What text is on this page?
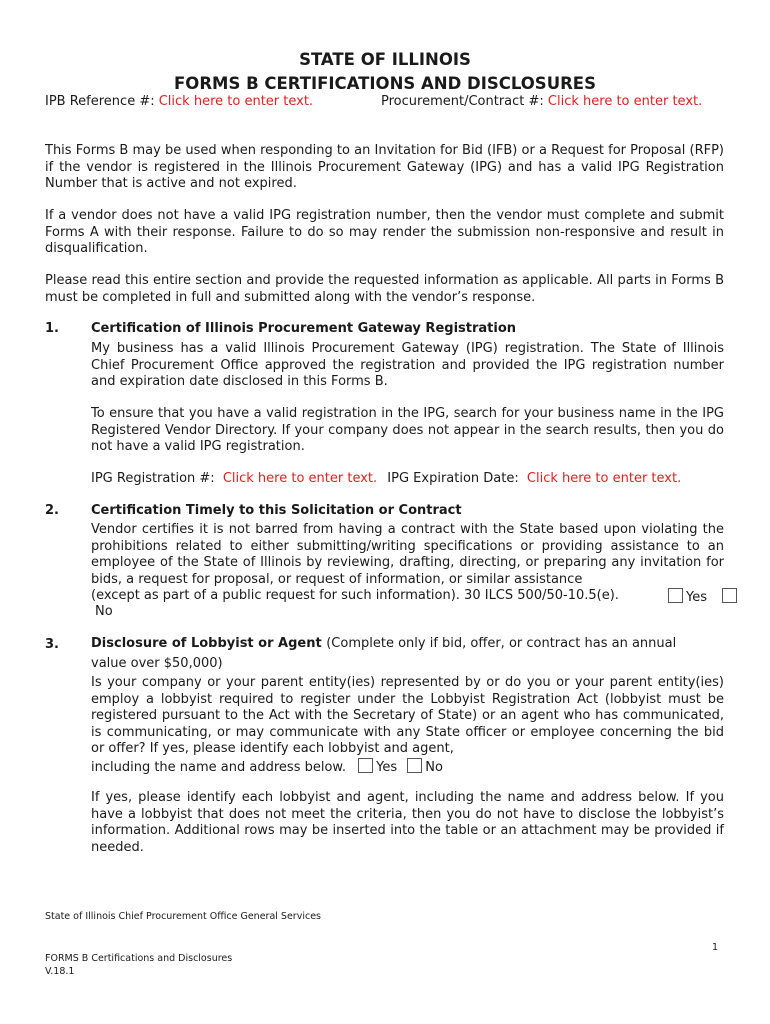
STATE OF ILLINOIS
FORMS B CERTIFICATIONS AND DISCLOSURES
IPB Reference #: Click here to enter text.	Procurement/Contract #: Click here to enter text.

This Forms B may be used when responding to an Invitation for Bid (IFB) or a Request for Proposal (RFP) if the vendor is registered in the Illinois Procurement Gateway (IPG) and has a valid IPG Registration Number that is active and not expired.

If a vendor does not have a valid IPG registration number, then the vendor must complete and submit Forms A with their response. Failure to do so may render the submission non-responsive and result in disqualification.

Please read this entire section and provide the requested information as applicable. All parts in Forms B must be completed in full and submitted along with the vendor’s response.

1. Certification of Illinois Procurement Gateway Registration

My business has a valid Illinois Procurement Gateway (IPG) registration. The State of Illinois Chief Procurement Office approved the registration and provided the IPG registration number and expiration date disclosed in this Forms B.

To ensure that you have a valid registration in the IPG, search for your business name in the IPG Registered Vendor Directory. If your company does not appear in the search results, then you do not have a valid IPG registration.

IPG Registration #: Click here to enter text. IPG Expiration Date: Click here to enter text.
2. Certification Timely to this Solicitation or Contract

Vendor certifies it is not barred from having a contract with the State based upon violating the prohibitions related to either submitting/writing specifications or providing assistance to an employee of the State of Illinois by reviewing, drafting, directing, or preparing any invitation for bids, a request for proposal, or request of information, or similar assistance

(except as part of a public request for such information). 30 ILCS 500/50-10.5(e).	Yes
No
3. Disclosure of Lobbyist or Agent (Complete only if bid, offer, or contract has an annual
value over $50,000)

Is your company or your parent entity(ies) represented by or do you or your parent entity(ies) employ a lobbyist required to register under the Lobbyist Registration Act (lobbyist must be registered pursuant to the Act with the Secretary of State) or an agent who has communicated, is communicating, or may communicate with any State officer or employee concerning the bid or offer? If yes, please identify each lobbyist and agent,

including the name and address below. Yes No

If yes, please identify each lobbyist and agent, including the name and address below. If you have a lobbyist that does not meet the criteria, then you do not have to disclose the lobbyist’s information. Additional rows may be inserted into the table or an attachment may be provided if needed.

State of Illinois Chief Procurement Office General Services
1
FORMS B Certifications and Disclosures
V.18.1
